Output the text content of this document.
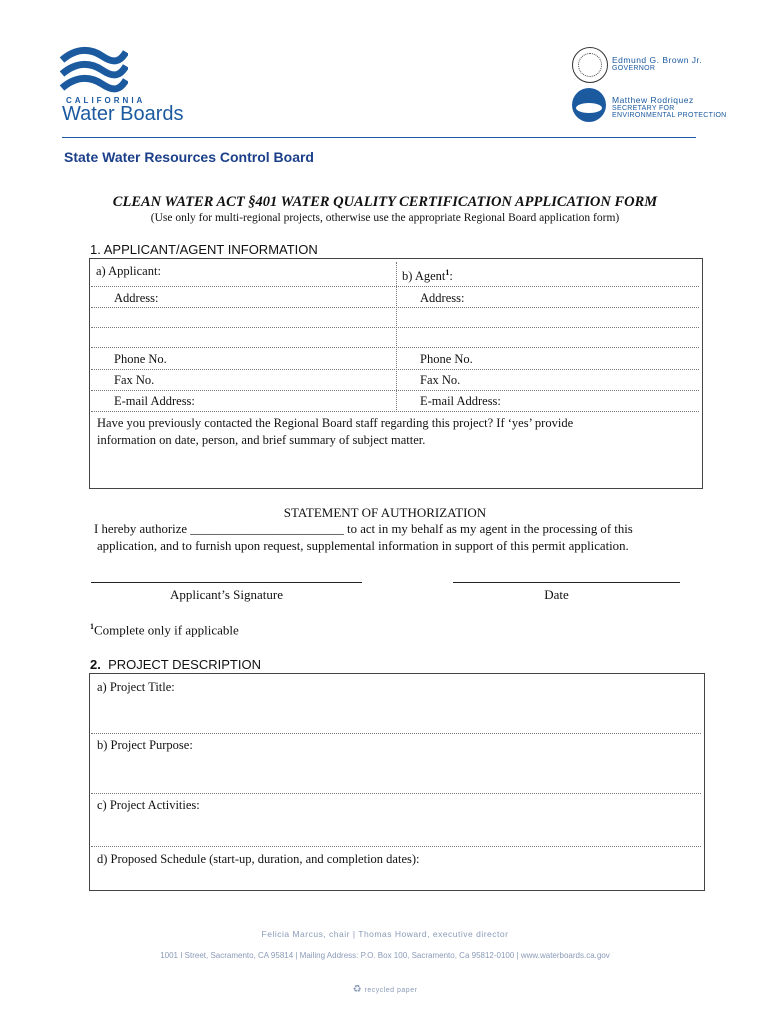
CALIFORNIA
Water Boards
State Water Resources Control Board
Edmund G. Brown Jr.
GOVERNOR
Matthew Rodriquez
SECRETARY FOR
ENVIRONMENTAL PROTECTION
CLEAN WATER ACT §401 WATER QUALITY CERTIFICATION APPLICATION FORM
(Use only for multi-regional projects, otherwise use the appropriate Regional Board application form)
1. APPLICANT/AGENT INFORMATION
a) Applicant:	b) Agent$^1$:
Address:	Address:
Phone No.	Phone No.
Fax No.	Fax No.
E-mail Address:	E-mail Address:
Have you previously contacted the Regional Board staff regarding this project? If ‘yes’ provide
information on date, person, and brief summary of subject matter.
STATEMENT OF AUTHORIZATION
I hereby authorize ________________________ to act in my behalf as my agent in the processing of this
application, and to furnish upon request, supplemental information in support of this permit application.
Applicant’s Signature	Date
$^1$Complete only if applicable
2. PROJECT DESCRIPTION
a) Project Title:
b) Project Purpose:
c) Project Activities:
d) Proposed Schedule (start-up, duration, and completion dates):
Felicia Marcus, chair | Thomas Howard, executive director
1001 I Street, Sacramento, CA 95814 | Mailing Address: P.O. Box 100, Sacramento, Ca 95812-0100 | www.waterboards.ca.gov
♻ recycled paper
